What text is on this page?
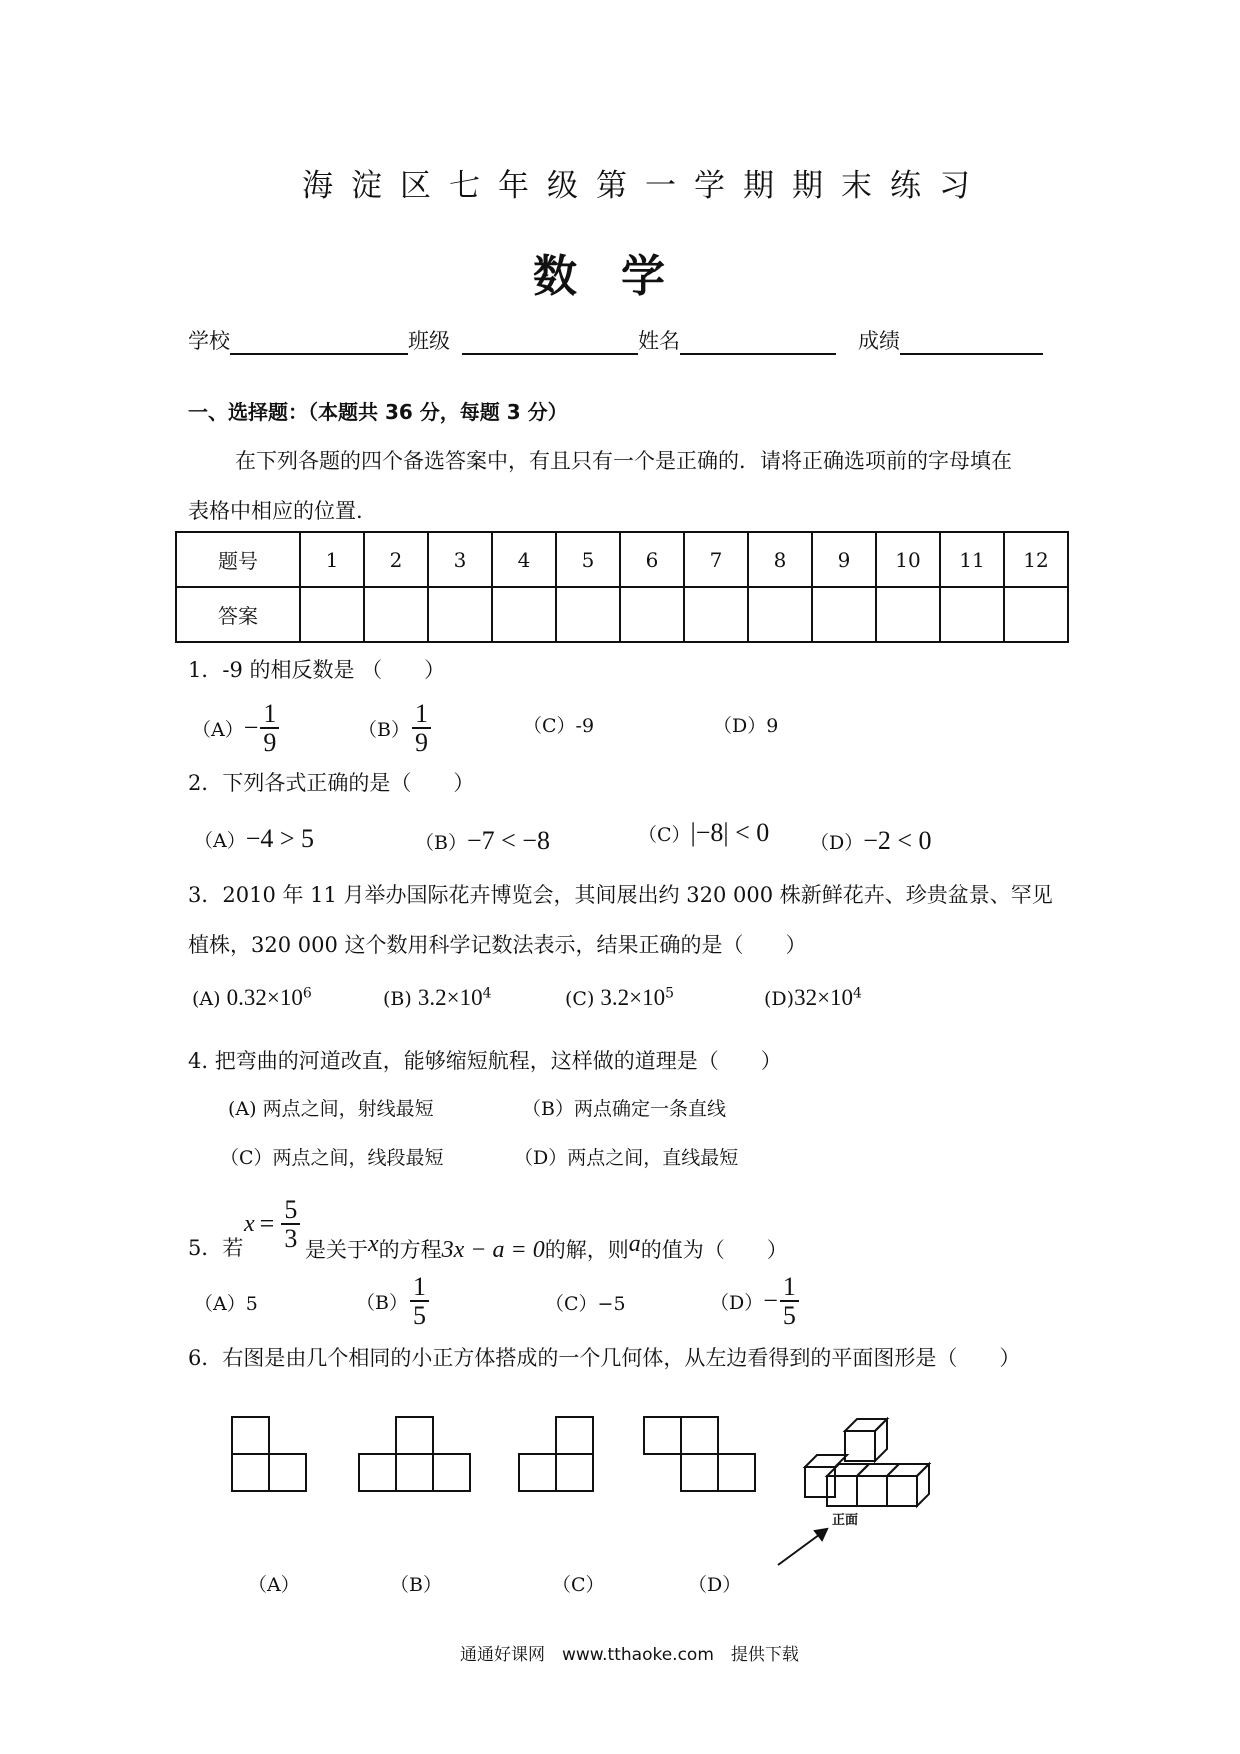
海淀区七年级第一学期期末练习
数　学
学校	班级	姓名	成绩
一、选择题：（本题共 36 分，每题 3 分）
在下列各题的四个备选答案中，有且只有一个是正确的．请将正确选项前的字母填在
表格中相应的位置.
题号	1	2	3	4	5	6	7	8	9	10	11	12
答案												
1．-9 的相反数是 （　　）
$(A) - \frac{1}{9}$	$(B) \frac{1}{9}$	（C）-9	（D）9
2．下列各式正确的是（　　）
（A）−4 > 5	（B）−7 < −8	（C）|−8| < 0 （D）−2 < 0
3．2010 年 11 月举办国际花卉博览会，其间展出约 320 000 株新鲜花卉、珍贵盆景、罕见
植株，320 000 这个数用科学记数法表示，结果正确的是（　　）
(A) $0.32\times 10^6$	(B) $3.2\times 10^4$	(C) $3.2\times 10^5$	$(D)32\times 10^4$
4. 把弯曲的河道改直，能够缩短航程，这样做的道理是（　　）
(A) 两点之间，射线最短	（B）两点确定一条直线
（C）两点之间，线段最短	（D）两点之间，直线最短
5．若
$x = \frac{5}{3}$ 是关于x的方程3x − a = 0的解，则a的值为（　　）
（A）5	$(B) \frac{1}{5}$	（C）−5	$(D) - \frac{1}{5}$
6．右图是由几个相同的小正方体搭成的一个几何体，从左边看得到的平面图形是（　　）
正面
（A）	（B）	（C）	（D）
通通好课网　www.tthaoke.com　提供下载
